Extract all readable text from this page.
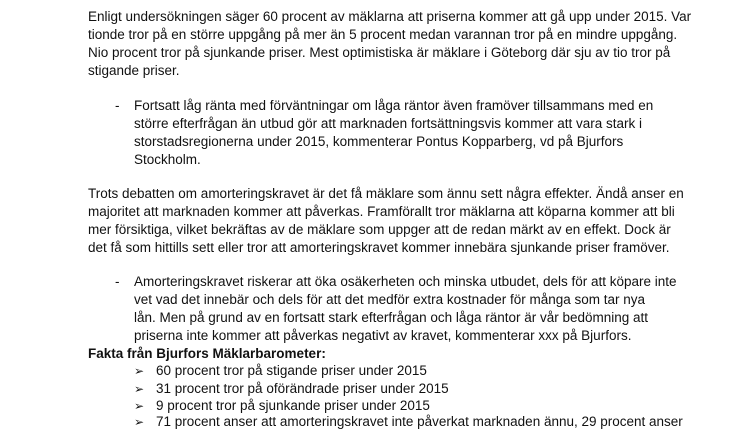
Enligt undersökningen säger 60 procent av mäklarna att priserna kommer att gå upp under 2015. Var

tionde tror på en större uppgång på mer än 5 procent medan varannan tror på en mindre uppgång.

Nio procent tror på sjunkande priser. Mest optimistiska är mäklare i Göteborg där sju av tio tror på

stigande priser.

- Fortsatt låg ränta med förväntningar om låga räntor även framöver tillsammans med en

större efterfrågan än utbud gör att marknaden fortsättningsvis kommer att vara stark i

storstadsregionerna under 2015, kommenterar Pontus Kopparberg, vd på Bjurfors

Stockholm.

Trots debatten om amorteringskravet är det få mäklare som ännu sett några effekter. Ändå anser en

majoritet att marknaden kommer att påverkas. Framförallt tror mäklarna att köparna kommer att bli

mer försiktiga, vilket bekräftas av de mäklare som uppger att de redan märkt av en effekt. Dock är

det få som hittills sett eller tror att amorteringskravet kommer innebära sjunkande priser framöver.

- Amorteringskravet riskerar att öka osäkerheten och minska utbudet, dels för att köpare inte

vet vad det innebär och dels för att det medför extra kostnader för många som tar nya

lån. Men på grund av en fortsatt stark efterfrågan och låga räntor är vår bedömning att

priserna inte kommer att påverkas negativt av kravet, kommenterar xxx på Bjurfors.

Fakta från Bjurfors Mäklarbarometer:
➢ 60 procent tror på stigande priser under 2015
➢ 31 procent tror på oförändrade priser under 2015
➢ 9 procent tror på sjunkande priser under 2015
➢ 71 procent anser att amorteringskravet inte påverkat marknaden ännu, 29 procent anser
